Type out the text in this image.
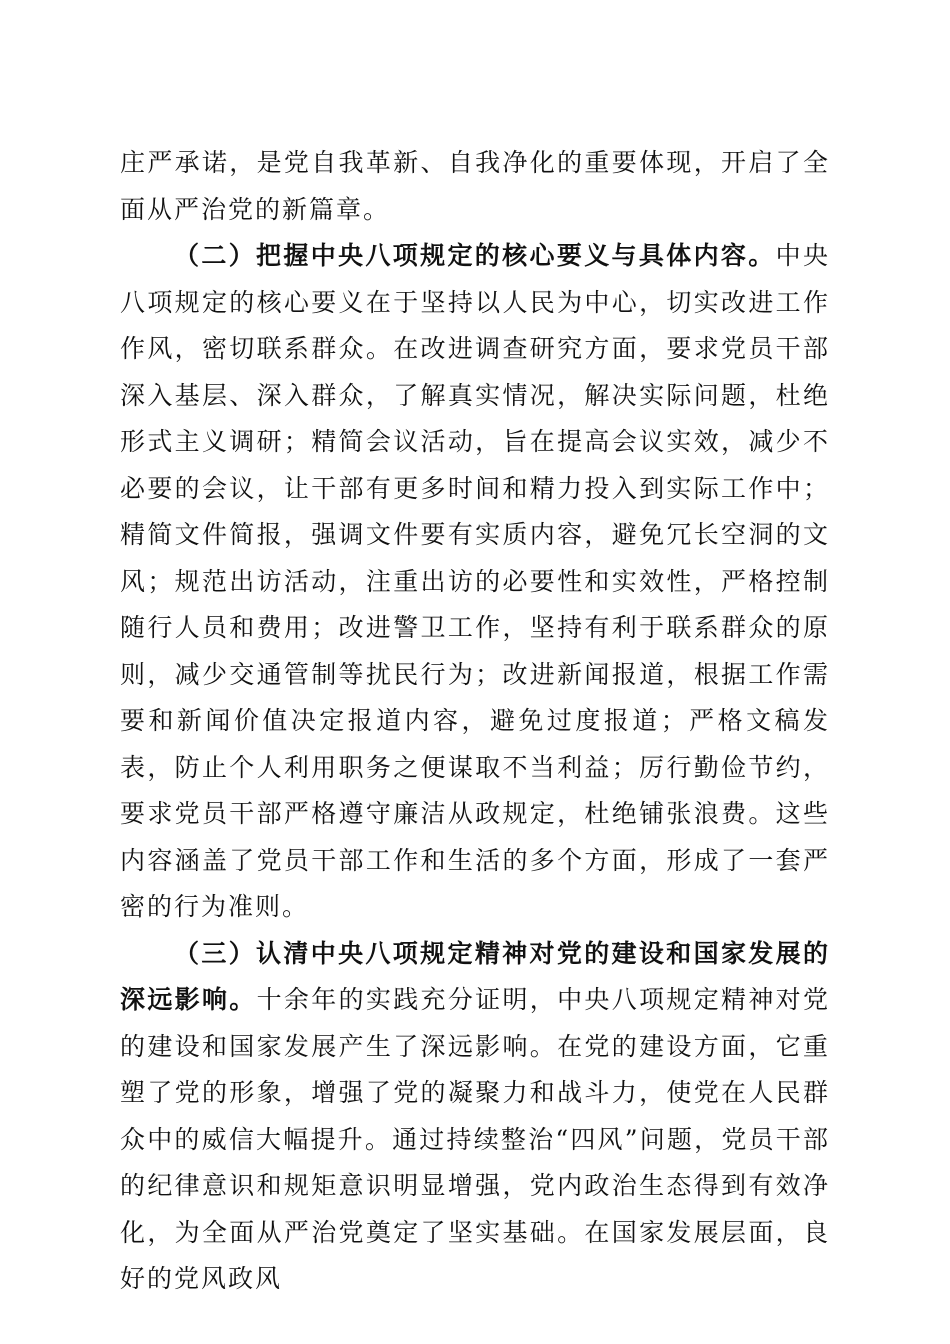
庄严承诺，是党自我革新、自我净化的重要体现，开启了全面从严治党的新篇章。

（二）把握中央八项规定的核心要义与具体内容。中央八项规定的核心要义在于坚持以人民为中心，切实改进工作作风，密切联系群众。在改进调查研究方面，要求党员干部深入基层、深入群众，了解真实情况，解决实际问题，杜绝形式主义调研；精简会议活动，旨在提高会议实效，减少不必要的会议，让干部有更多时间和精力投入到实际工作中；精简文件简报，强调文件要有实质内容，避免冗长空洞的文风；规范出访活动，注重出访的必要性和实效性，严格控制随行人员和费用；改进警卫工作，坚持有利于联系群众的原则，减少交通管制等扰民行为；改进新闻报道，根据工作需要和新闻价值决定报道内容，避免过度报道；严格文稿发表，防止个人利用职务之便谋取不当利益；厉行勤俭节约，要求党员干部严格遵守廉洁从政规定，杜绝铺张浪费。这些内容涵盖了党员干部工作和生活的多个方面，形成了一套严密的行为准则。

（三）认清中央八项规定精神对党的建设和国家发展的深远影响。十余年的实践充分证明，中央八项规定精神对党的建设和国家发展产生了深远影响。在党的建设方面，它重塑了党的形象，增强了党的凝聚力和战斗力，使党在人民群众中的威信大幅提升。通过持续整治“四风”问题，党员干部的纪律意识和规矩意识明显增强，党内政治生态得到有效净化，为全面从严治党奠定了坚实基础。在国家发展层面，良好的党风政风
